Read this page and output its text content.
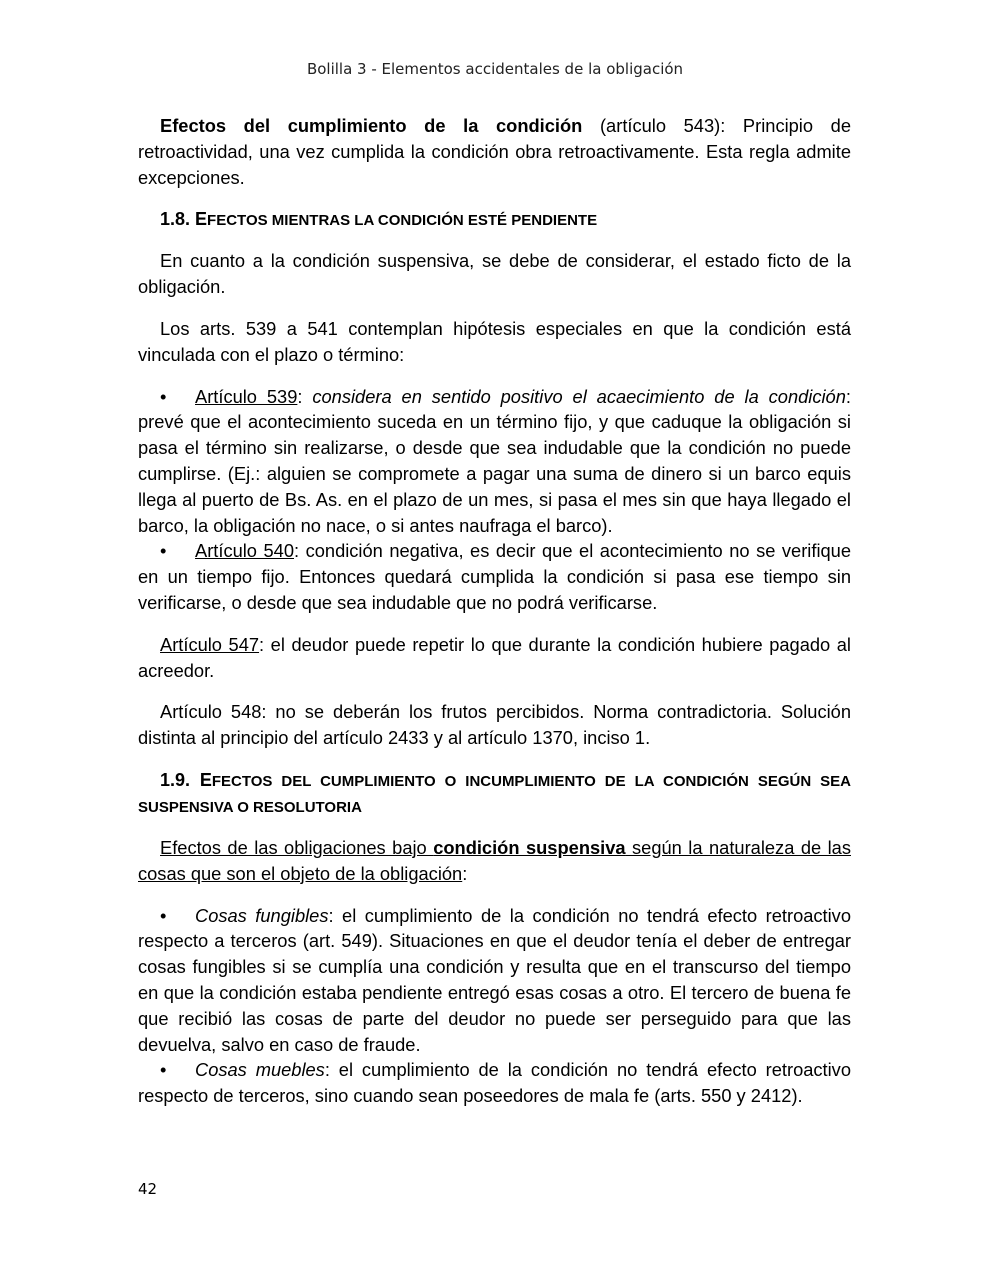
Bolilla 3 - Elementos accidentales de la obligación

Efectos del cumplimiento de la condición (artículo 543): Principio de retroactividad, una vez cumplida la condición obra retroactivamente. Esta regla admite excepciones.

1.8. EFECTOS MIENTRAS LA CONDICIÓN ESTÉ PENDIENTE

En cuanto a la condición suspensiva, se debe de considerar, el estado ficto de la obligación.

Los arts. 539 a 541 contemplan hipótesis especiales en que la condición está vinculada con el plazo o término:

• Artículo 539: considera en sentido positivo el acaecimiento de la condición: prevé que el acontecimiento suceda en un término fijo, y que caduque la obligación si pasa el término sin realizarse, o desde que sea indudable que la condición no puede cumplirse. (Ej.: alguien se compromete a pagar una suma de dinero si un barco equis llega al puerto de Bs. As. en el plazo de un mes, si pasa el mes sin que haya llegado el barco, la obligación no nace, o si antes naufraga el barco).

• Artículo 540: condición negativa, es decir que el acontecimiento no se verifique en un tiempo fijo. Entonces quedará cumplida la condición si pasa ese tiempo sin verificarse, o desde que sea indudable que no podrá verificarse.

Artículo 547: el deudor puede repetir lo que durante la condición hubiere pagado al acreedor.

Artículo 548: no se deberán los frutos percibidos. Norma contradictoria. Solución distinta al principio del artículo 2433 y al artículo 1370, inciso 1.

1.9. EFECTOS DEL CUMPLIMIENTO O INCUMPLIMIENTO DE LA CONDICIÓN SEGÚN SEA SUSPENSIVA O RESOLUTORIA

Efectos de las obligaciones bajo condición suspensiva según la naturaleza de las cosas que son el objeto de la obligación:

• Cosas fungibles: el cumplimiento de la condición no tendrá efecto retroactivo respecto a terceros (art. 549). Situaciones en que el deudor tenía el deber de entregar cosas fungibles si se cumplía una condición y resulta que en el transcurso del tiempo en que la condición estaba pendiente entregó esas cosas a otro. El tercero de buena fe que recibió las cosas de parte del deudor no puede ser perseguido para que las devuelva, salvo en caso de fraude.

• Cosas muebles: el cumplimiento de la condición no tendrá efecto retroactivo respecto de terceros, sino cuando sean poseedores de mala fe (arts. 550 y 2412).

42
